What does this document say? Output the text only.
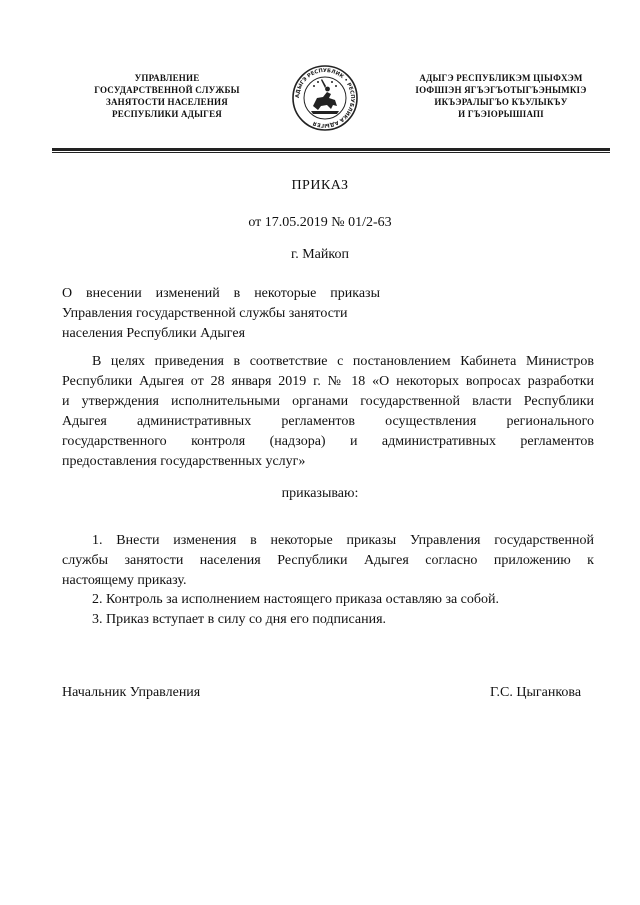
УПРАВЛЕНИЕ
ГОСУДАРСТВЕННОЙ СЛУЖБЫ
ЗАНЯТОСТИ НАСЕЛЕНИЯ
РЕСПУБЛИКИ АДЫГЕЯ
АДЫГЭ РЕСПУБЛИК • РЕСПУБЛИКА АДЫГЕЯ
АДЫГЭ РЕСПУБЛИКЭМ ЦIЫФХЭМ
IОФШIЭН ЯГЪЭГЪОТЫГЪЭНЫМКIЭ
ИКЪЭРАЛЫГЪО КЪУЛЫКЪУ
И ГЪЭIОРЫШIАПI
ПРИКАЗ
от 17.05.2019 № 01/2-63
г. Майкоп
О внесении изменений в некоторые приказы
Управления государственной службы занятости
населения Республики Адыгея
В целях приведения в соответствие с постановлением Кабинета Министров
Республики Адыгея от 28 января 2019 г. № 18 «О некоторых вопросах разработки
и утверждения исполнительными органами государственной власти Республики
Адыгея административных регламентов осуществления регионального
государственного контроля (надзора) и административных регламентов
предоставления государственных услуг»
приказываю:
1. Внести изменения в некоторые приказы Управления государственной
службы занятости населения Республики Адыгея согласно приложению к
настоящему приказу.
2. Контроль за исполнением настоящего приказа оставляю за собой.
3. Приказ вступает в силу со дня его подписания.
Начальник Управления	Г.С. Цыганкова
